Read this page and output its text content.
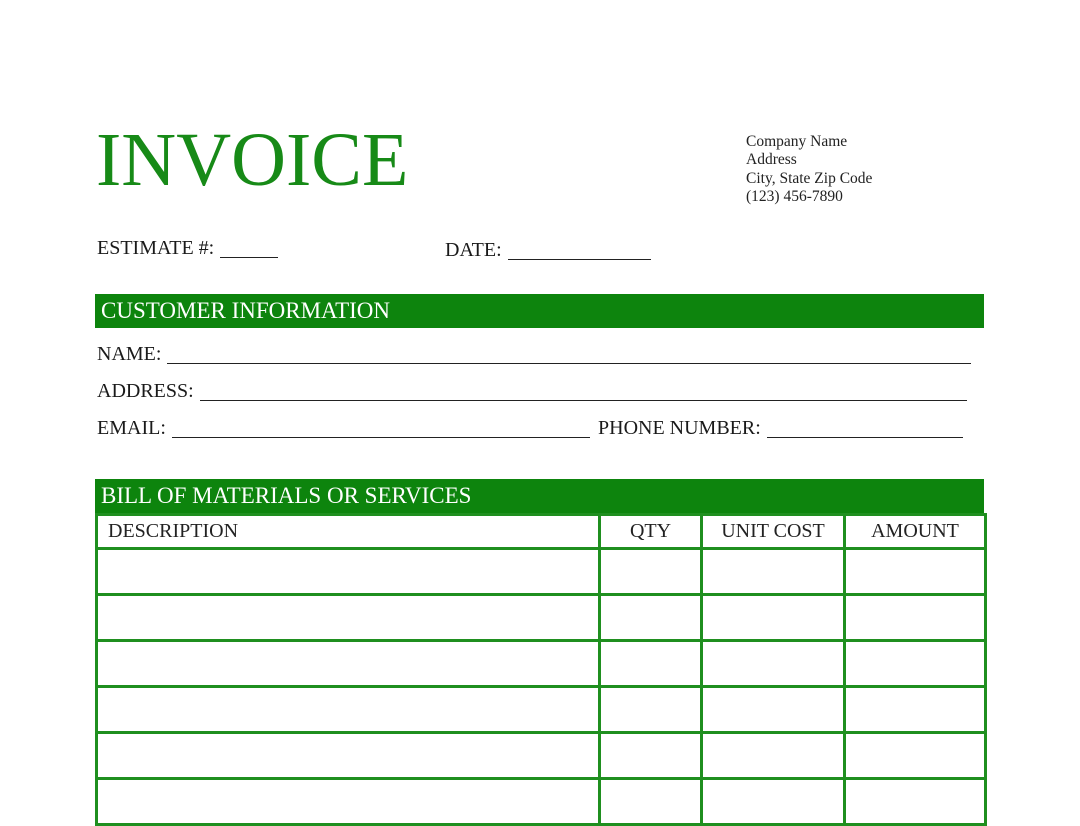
INVOICE	Company Name
Address
City, State Zip Code
(123) 456-7890
ESTIMATE #:	DATE:
CUSTOMER INFORMATION
NAME:
ADDRESS:
EMAIL:	PHONE NUMBER:
BILL OF MATERIALS OR SERVICES
DESCRIPTION	QTY	UNIT COST	AMOUNT
